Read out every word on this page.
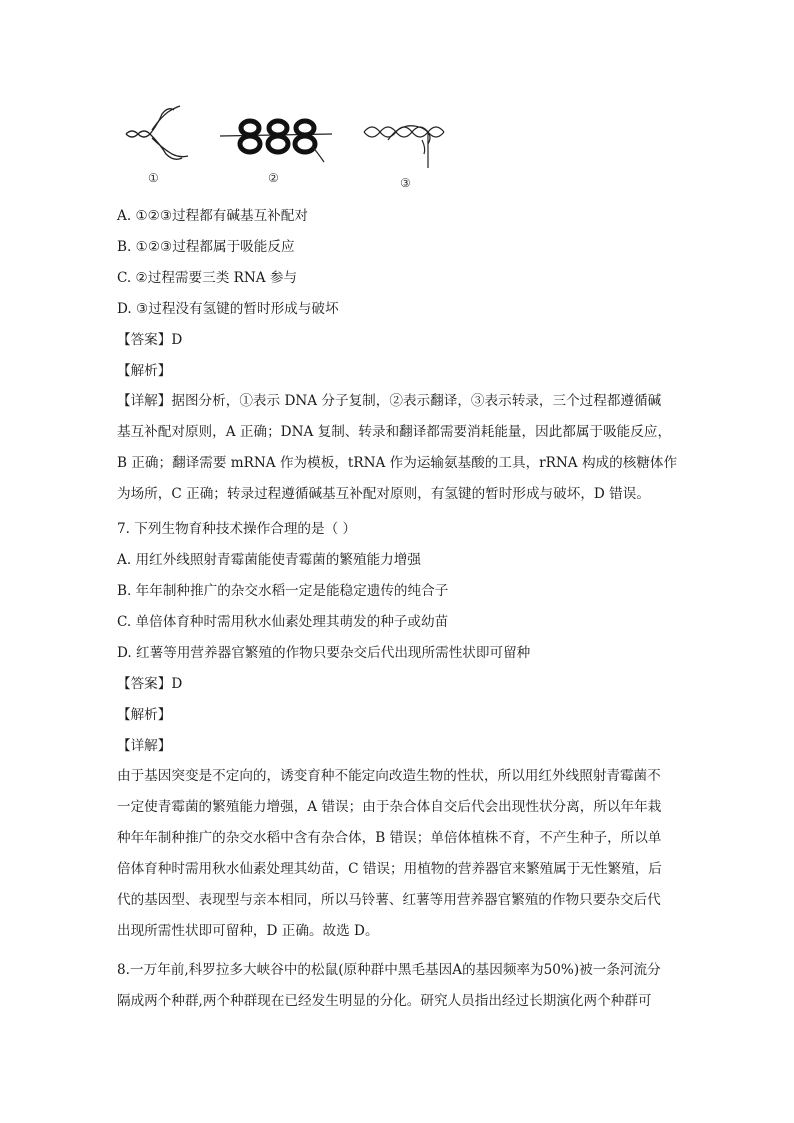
①	②	③
A. ①②③过程都有碱基互补配对
B. ①②③过程都属于吸能反应
C. ②过程需要三类 RNA 参与
D. ③过程没有氢键的暂时形成与破坏
【答案】D
【解析】
【详解】据图分析，①表示 DNA 分子复制，②表示翻译，③表示转录，三个过程都遵循碱
基互补配对原则，A 正确；DNA 复制、转录和翻译都需要消耗能量，因此都属于吸能反应，
B 正确；翻译需要 mRNA 作为模板，tRNA 作为运输氨基酸的工具，rRNA 构成的核糖体作
为场所，C 正确；转录过程遵循碱基互补配对原则，有氢键的暂时形成与破坏，D 错误。
7. 下列生物育种技术操作合理的是（ ）
A. 用红外线照射青霉菌能使青霉菌的繁殖能力增强
B. 年年制种推广的杂交水稻一定是能稳定遗传的纯合子
C. 单倍体育种时需用秋水仙素处理其萌发的种子或幼苗
D. 红薯等用营养器官繁殖的作物只要杂交后代出现所需性状即可留种
【答案】D
【解析】
【详解】
由于基因突变是不定向的，诱变育种不能定向改造生物的性状，所以用红外线照射青霉菌不
一定使青霉菌的繁殖能力增强，A 错误；由于杂合体自交后代会出现性状分离，所以年年栽
种年年制种推广的杂交水稻中含有杂合体，B 错误；单倍体植株不育，不产生种子，所以单
倍体育种时需用秋水仙素处理其幼苗，C 错误；用植物的营养器官来繁殖属于无性繁殖，后
代的基因型、表现型与亲本相同，所以马铃薯、红薯等用营养器官繁殖的作物只要杂交后代
出现所需性状即可留种，D 正确。故选 D。
8.一万年前,科罗拉多大峡谷中的松鼠(原种群中黑毛基因A的基因频率为50%)被一条河流分
隔成两个种群,两个种群现在已经发生明显的分化。研究人员指出经过长期演化两个种群可
